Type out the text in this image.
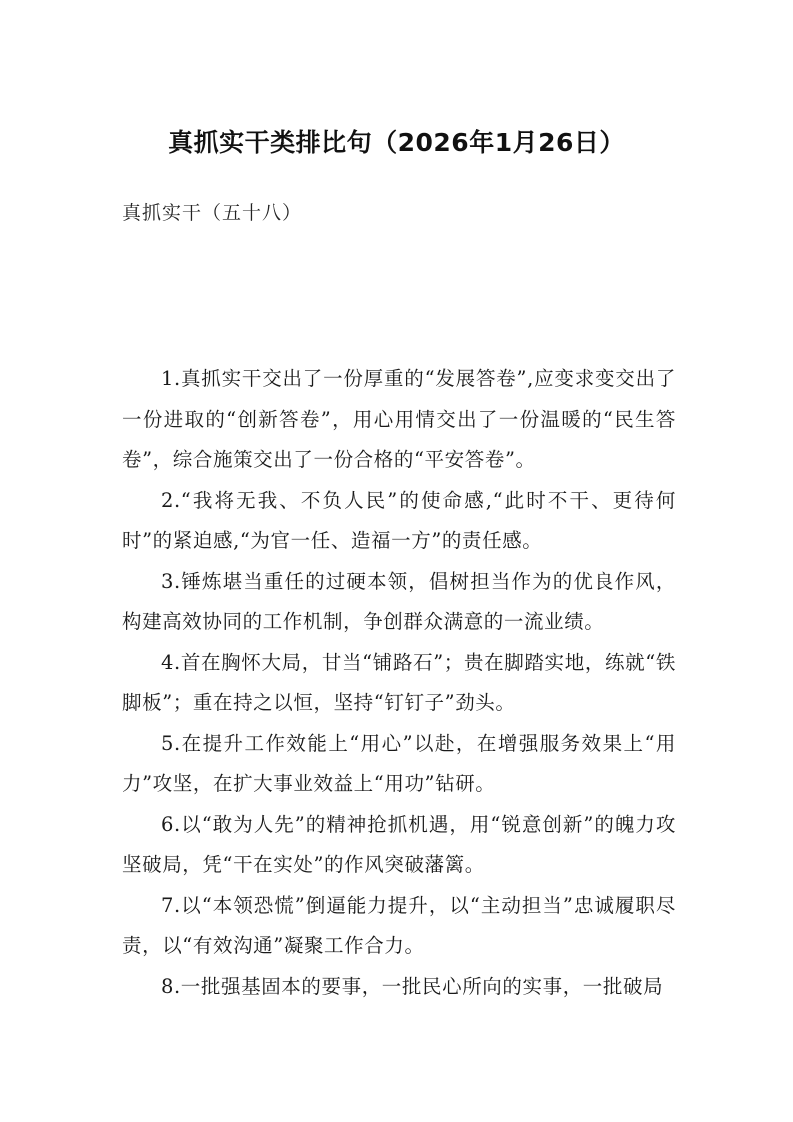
真抓实干类排比句（2026年1月26日）
真抓实干（五十八）

1.真抓实干交出了一份厚重的“发展答卷”,应变求变交出了一份进取的“创新答卷”，用心用情交出了一份温暖的“民生答卷”，综合施策交出了一份合格的“平安答卷”。

2.“我将无我、不负人民”的使命感,“此时不干、更待何时”的紧迫感,“为官一任、造福一方”的责任感。

3.锤炼堪当重任的过硬本领，倡树担当作为的优良作风，构建高效协同的工作机制，争创群众满意的一流业绩。

4.首在胸怀大局，甘当“铺路石”；贵在脚踏实地，练就“铁脚板”；重在持之以恒，坚持“钉钉子”劲头。

5.在提升工作效能上“用心”以赴，在增强服务效果上“用力”攻坚，在扩大事业效益上“用功”钻研。

6.以“敢为人先”的精神抢抓机遇，用“锐意创新”的魄力攻坚破局，凭“干在实处”的作风突破藩篱。

7.以“本领恐慌”倒逼能力提升，以“主动担当”忠诚履职尽责，以“有效沟通”凝聚工作合力。

8.一批强基固本的要事，一批民心所向的实事，一批破局
